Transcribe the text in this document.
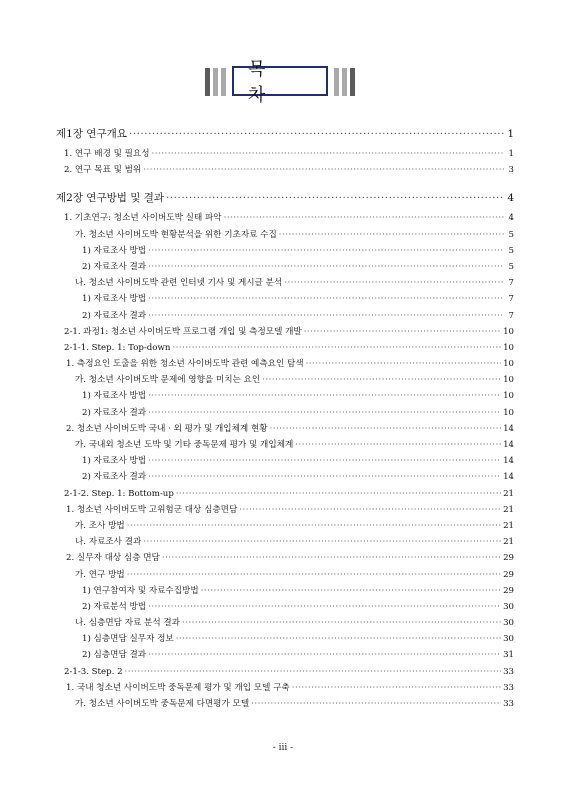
목 차
제1장 연구개요 ·····	1
1. 연구 배경 및 필요성 ·····	1
2. 연구 목표 및 범위 ·····	3
제2장 연구방법 및 결과 ·····	4
1. 기초연구: 청소년 사이버도박 실태 파악 ·····	4
가. 청소년 사이버도박 현황분석을 위한 기초자료 수집 ·····	5
1) 자료조사 방법 ·····	5
2) 자료조사 결과 ·····	5
나. 청소년 사이버도박 관련 인터넷 기사 및 게시글 분석 ·····	7
1) 자료조사 방법 ·····	7
2) 자료조사 결과 ·····	7
2-1. 과정1: 청소년 사이버도박 프로그램 개입 및 측정모델 개발 ·····	10
2-1-1. Step. 1: Top-down ·····	10
1. 측정요인 도출을 위한 청소년 사이버도박 관련 예측요인 탐색 ·····	10
가. 청소년 사이버도박 문제에 영향을 미치는 요인 ·····	10
1) 자료조사 방법 ·····	10
2) 자료조사 결과 ·····	10
2. 청소년 사이버도박 국내 · 외 평가 및 개입체계 현황 ·····	14
가. 국내외 청소년 도박 및 기타 중독문제 평가 및 개입체계 ·····	14
1) 자료조사 방법 ·····	14
2) 자료조사 결과 ·····	14
2-1-2. Step. 1: Bottom-up ·····	21
1. 청소년 사이버도박 고위험군 대상 심층면담 ·····	21
가. 조사 방법 ·····	21
나. 자료조사 결과 ·····	21
2. 실무자 대상 심층 면담 ·····	29
가. 연구 방법 ·····	29
1) 연구참여자 및 자료수집방법 ·····	29
2) 자료분석 방법 ·····	30
나. 심층면담 자료 분석 결과 ·····	30
1) 심층면담 실무자 정보 ·····	30
2) 심층면담 결과 ·····	31
2-1-3. Step. 2 ·····	33
1. 국내 청소년 사이버도박 중독문제 평가 및 개입 모델 구축 ·····	33
가. 청소년 사이버도박 중독문제 다면평가 모델 ·····	33
- iii -
